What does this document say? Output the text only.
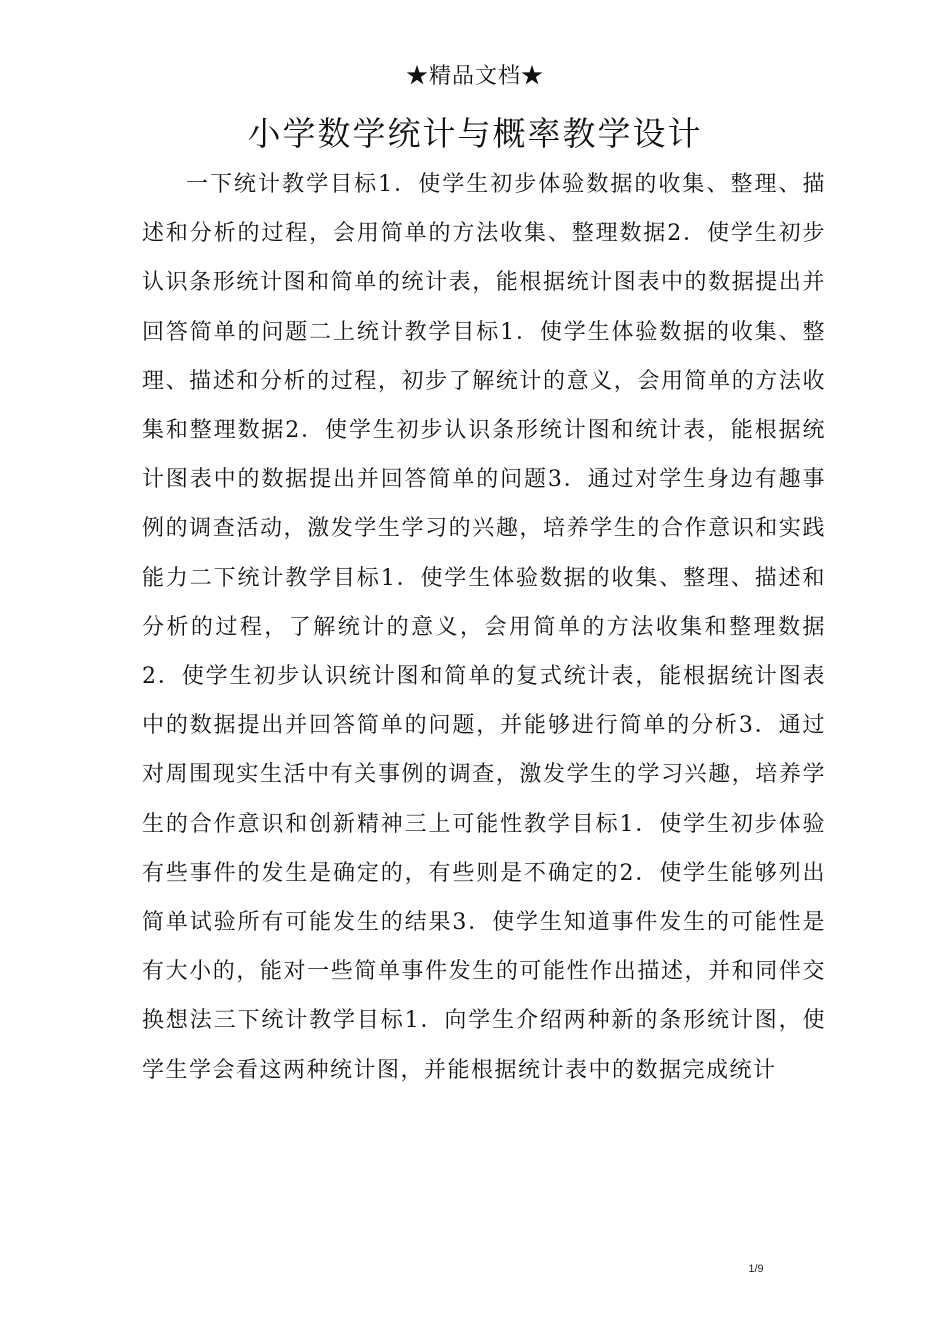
★精品文档★
小学数学统计与概率教学设计

一下统计教学目标1．使学生初步体验数据的收集、整理、描述和分析的过程，会用简单的方法收集、整理数据2．使学生初步认识条形统计图和简单的统计表，能根据统计图表中的数据提出并回答简单的问题二上统计教学目标1．使学生体验数据的收集、整理、描述和分析的过程，初步了解统计的意义，会用简单的方法收集和整理数据2．使学生初步认识条形统计图和统计表，能根据统计图表中的数据提出并回答简单的问题3．通过对学生身边有趣事例的调查活动，激发学生学习的兴趣，培养学生的合作意识和实践能力二下统计教学目标1．使学生体验数据的收集、整理、描述和分析的过程，了解统计的意义，会用简单的方法收集和整理数据2．使学生初步认识统计图和简单的复式统计表，能根据统计图表中的数据提出并回答简单的问题，并能够进行简单的分析3．通过对周围现实生活中有关事例的调查，激发学生的学习兴趣，培养学生的合作意识和创新精神三上可能性教学目标1．使学生初步体验有些事件的发生是确定的，有些则是不确定的2．使学生能够列出简单试验所有可能发生的结果3．使学生知道事件发生的可能性是有大小的，能对一些简单事件发生的可能性作出描述，并和同伴交换想法三下统计教学目标1．向学生介绍两种新的条形统计图，使学生学会看这两种统计图，并能根据统计表中的数据完成统计

1/9
